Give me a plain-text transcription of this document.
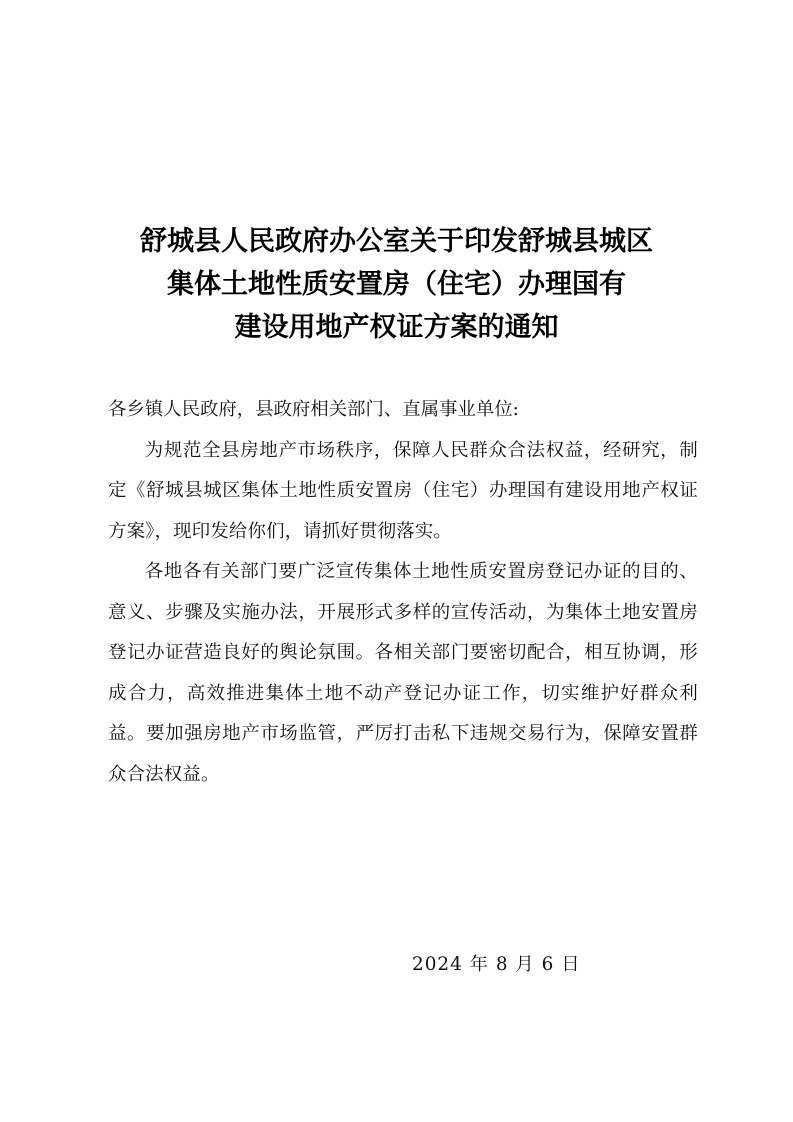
舒城县人民政府办公室关于印发舒城县城区
集体土地性质安置房（住宅）办理国有
建设用地产权证方案的通知

各乡镇人民政府，县政府相关部门、直属事业单位:

为规范全县房地产市场秩序，保障人民群众合法权益，经研究，制定《舒城县城区集体土地性质安置房（住宅）办理国有建设用地产权证方案》，现印发给你们，请抓好贯彻落实。

各地各有关部门要广泛宣传集体土地性质安置房登记办证的目的、意义、步骤及实施办法，开展形式多样的宣传活动，为集体土地安置房登记办证营造良好的舆论氛围。各相关部门要密切配合，相互协调，形成合力，高效推进集体土地不动产登记办证工作，切实维护好群众利益。要加强房地产市场监管，严厉打击私下违规交易行为，保障安置群众合法权益。

2024 年 8 月 6 日
